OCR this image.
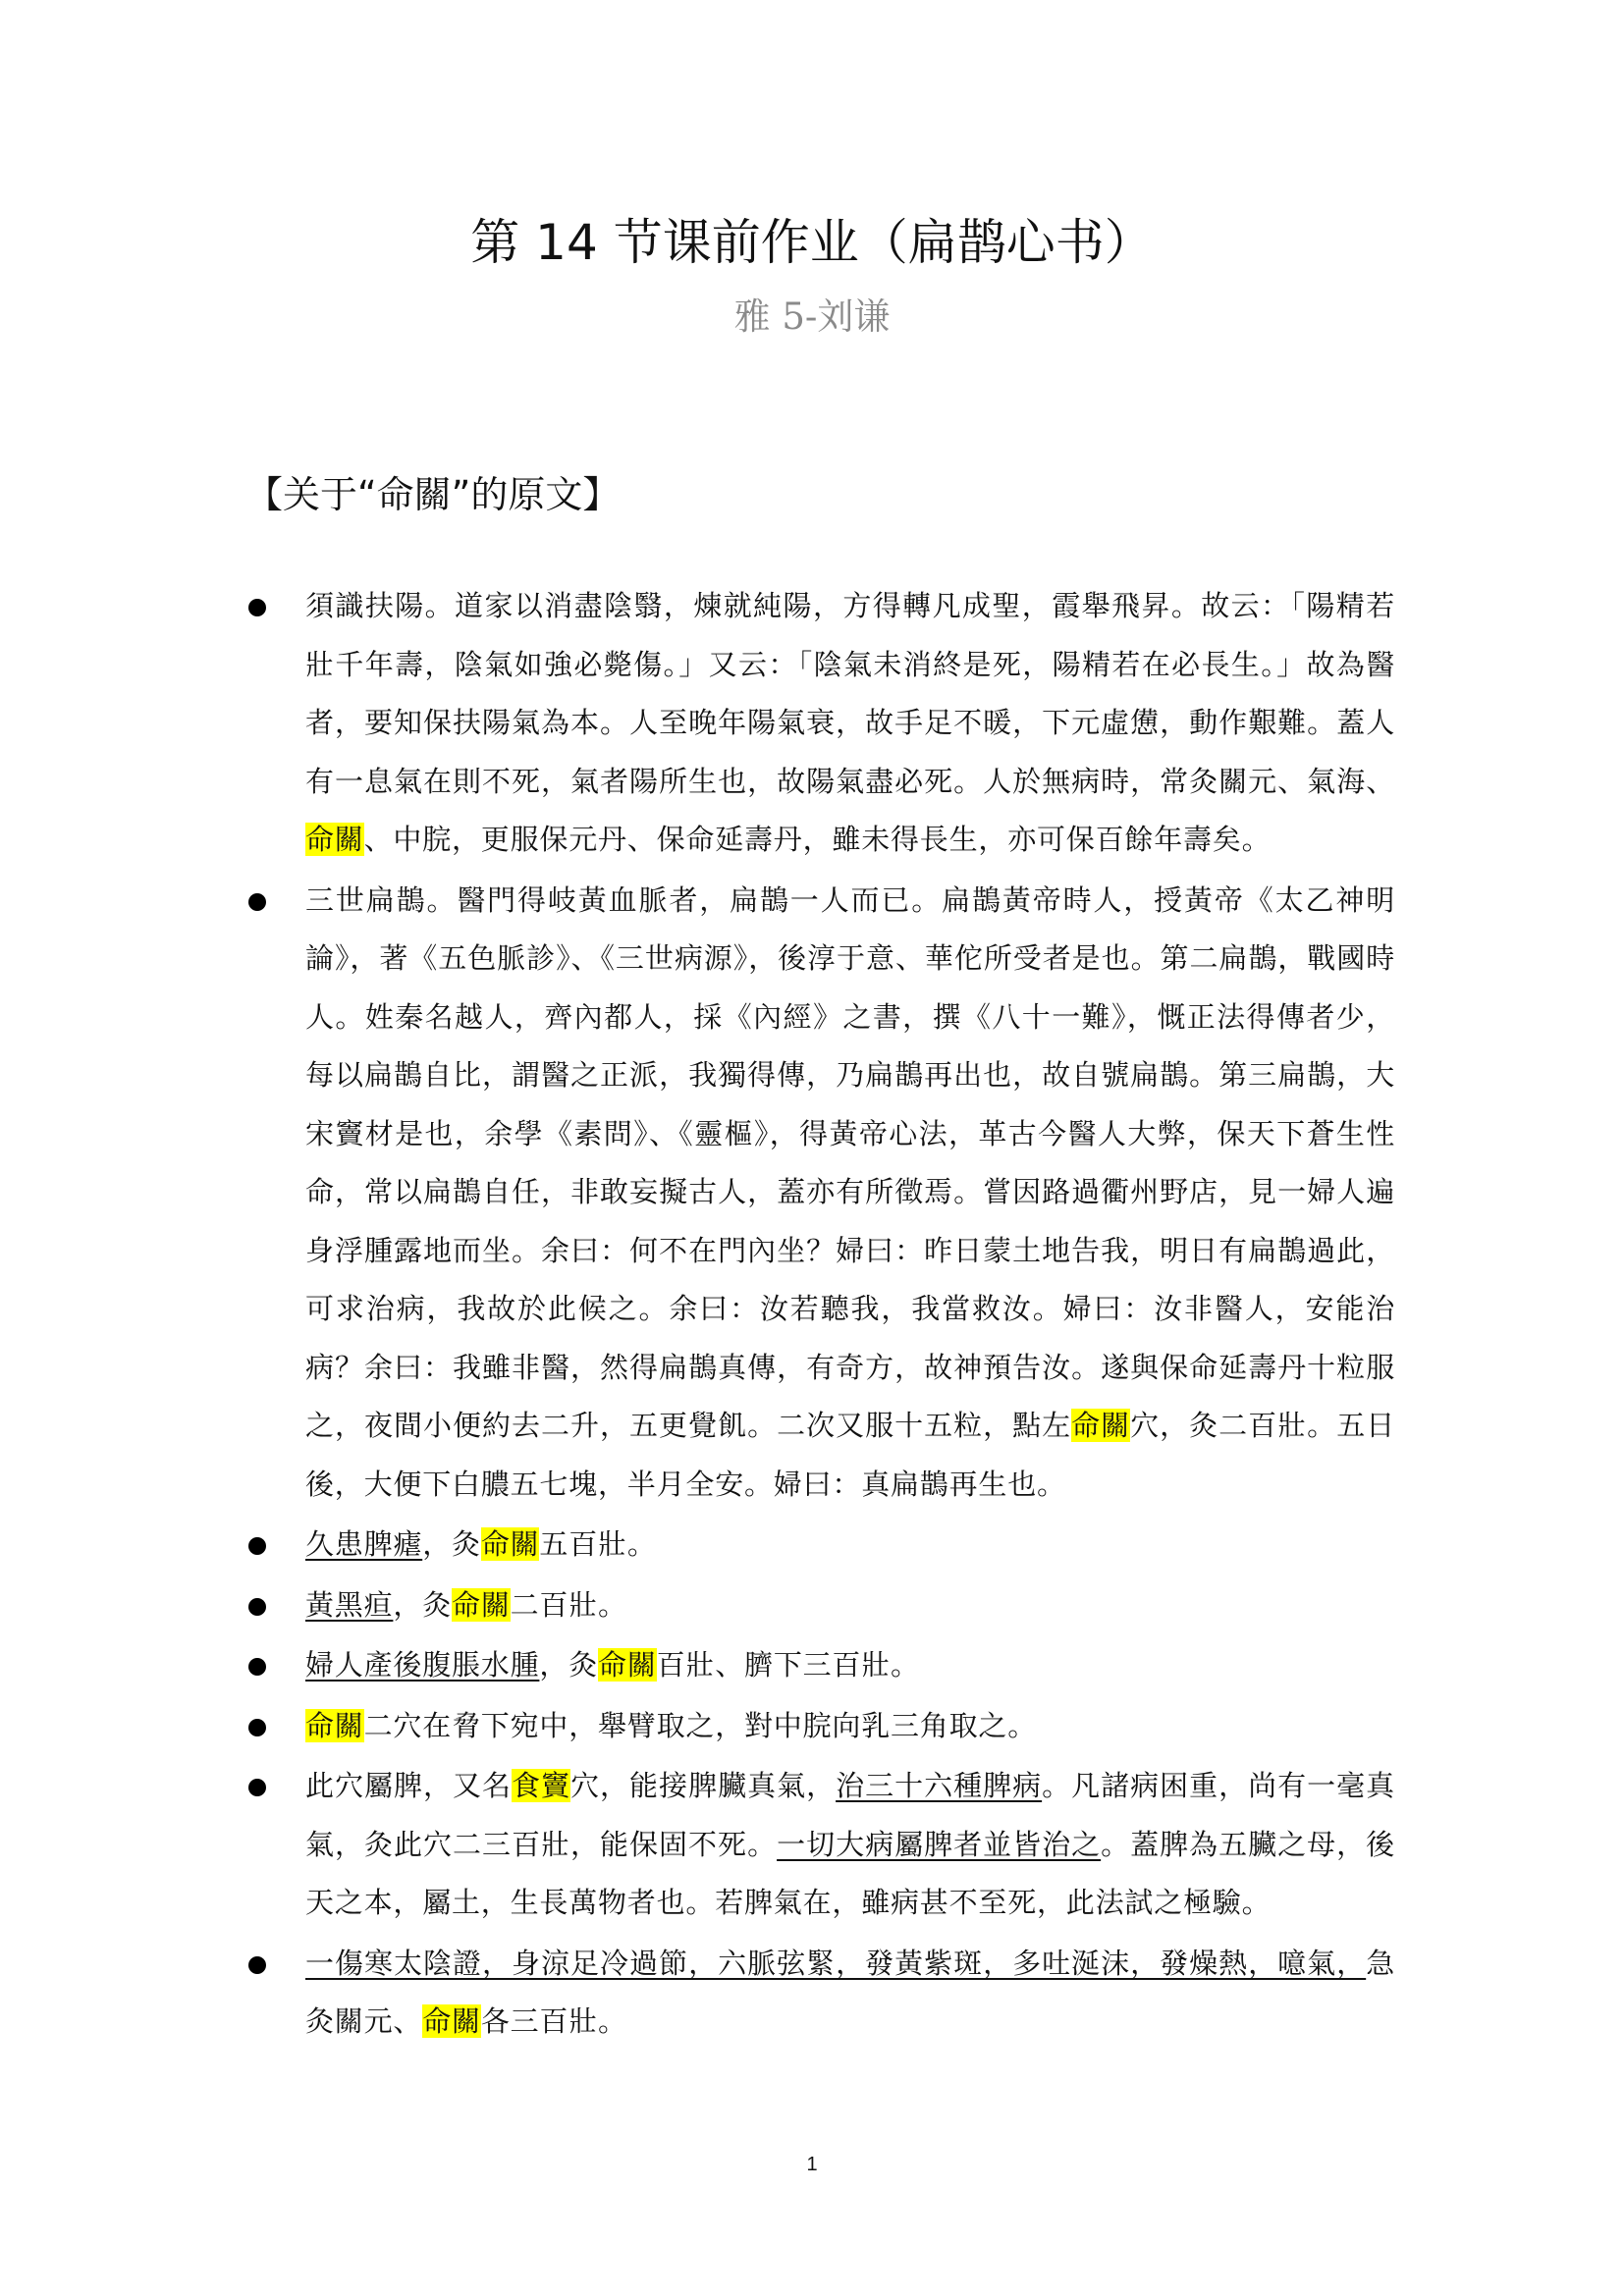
第 14 节课前作业（扁鹊心书）
雅 5-刘谦
【关于“命關”的原文】
須識扶陽。道家以消盡陰翳，煉就純陽，方得轉凡成聖，霞舉飛昇。故云：「陽精若壯千年壽，陰氣如強必斃傷。」又云：「陰氣未消終是死，陽精若在必長生。」故為醫者，要知保扶陽氣為本。人至晚年陽氣衰，故手足不暖，下元虛憊，動作艱難。蓋人有一息氣在則不死，氣者陽所生也，故陽氣盡必死。人於無病時，常灸關元、氣海、命關、中脘，更服保元丹、保命延壽丹，雖未得長生，亦可保百餘年壽矣。
三世扁鵲。醫門得岐黃血脈者，扁鵲一人而已。扁鵲黃帝時人，授黃帝《太乙神明論》，著《五色脈診》、《三世病源》，後淳于意、華佗所受者是也。第二扁鵲，戰國時人。姓秦名越人，齊內都人，採《內經》之書，撰《八十一難》，慨正法得傳者少，每以扁鵲自比，謂醫之正派，我獨得傳，乃扁鵲再出也，故自號扁鵲。第三扁鵲，大宋竇材是也，余學《素問》、《靈樞》，得黃帝心法，革古今醫人大弊，保天下蒼生性命，常以扁鵲自任，非敢妄擬古人，蓋亦有所徵焉。嘗因路過衢州野店，見一婦人遍身浮腫露地而坐。余曰：何不在門內坐？婦曰：昨日蒙土地告我，明日有扁鵲過此，可求治病，我故於此候之。余曰：汝若聽我，我當救汝。婦曰：汝非醫人，安能治病？余曰：我雖非醫，然得扁鵲真傳，有奇方，故神預告汝。遂與保命延壽丹十粒服之，夜間小便約去二升，五更覺飢。二次又服十五粒，點左命關穴，灸二百壯。五日後，大便下白膿五七塊，半月全安。婦曰：真扁鵲再生也。
久患脾瘧，灸命關五百壯。
黃黑疸，灸命關二百壯。
婦人產後腹脹水腫，灸命關百壯、臍下三百壯。
命關二穴在脅下宛中，舉臂取之，對中脘向乳三角取之。
此穴屬脾，又名食竇穴，能接脾臟真氣，治三十六種脾病。凡諸病困重，尚有一毫真氣，灸此穴二三百壯，能保固不死。一切大病屬脾者並皆治之。蓋脾為五臟之母，後天之本，屬土，生長萬物者也。若脾氣在，雖病甚不至死，此法試之極驗。
一傷寒太陰證，身涼足冷過節，六脈弦緊，發黃紫斑，多吐涎沫，發燥熱，噫氣，急灸關元、命關各三百壯。
1
